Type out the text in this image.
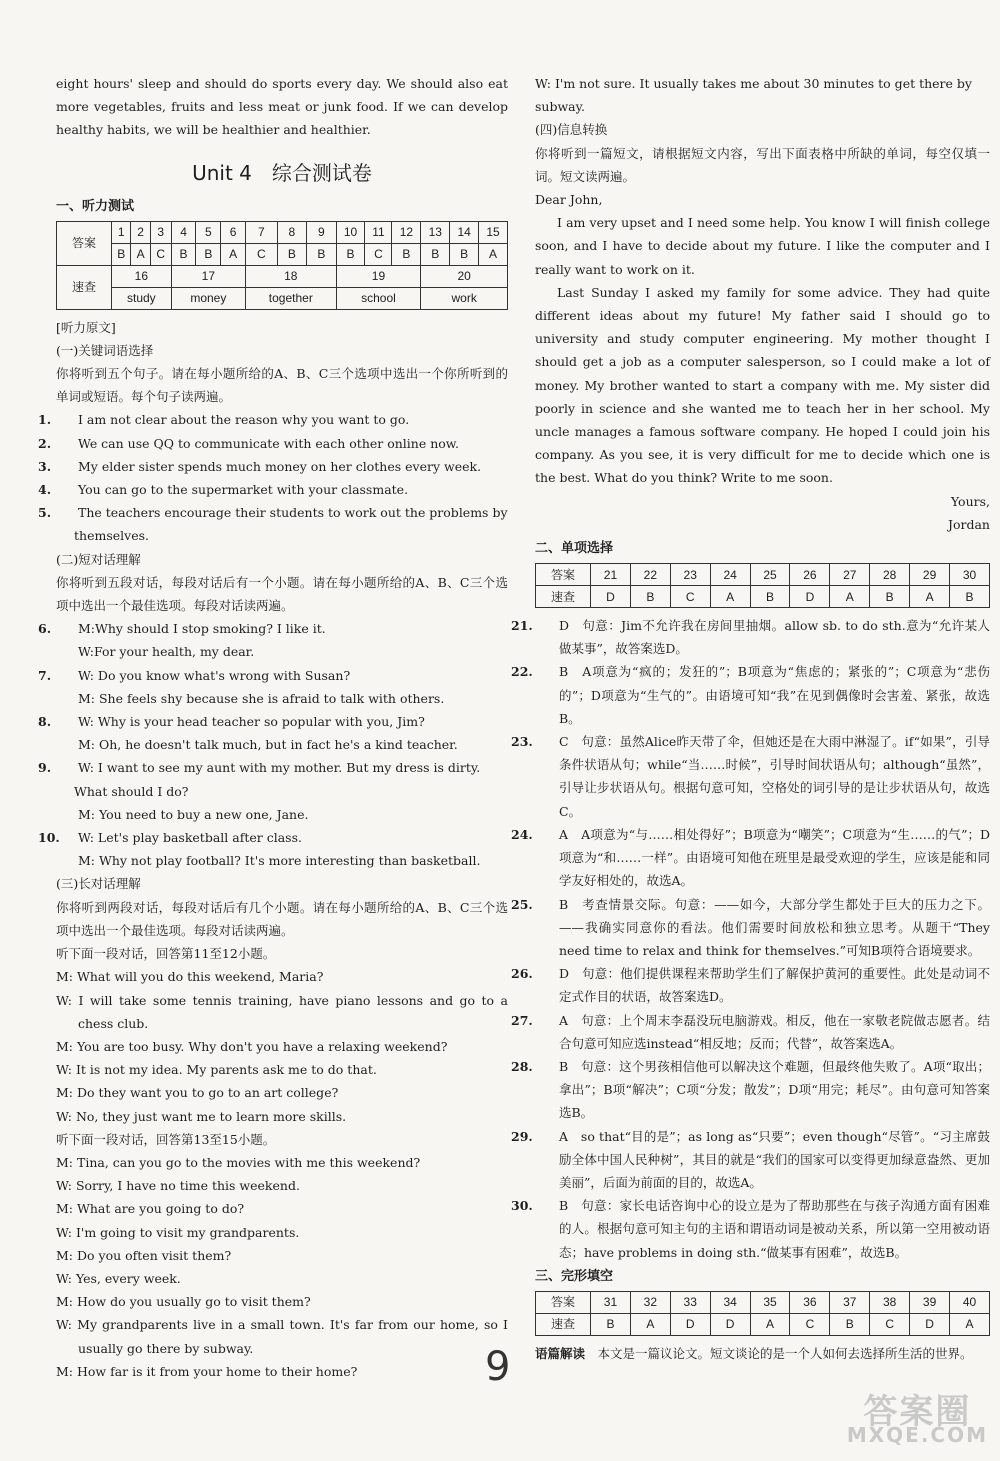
eight hours' sleep and should do sports every day. We should also eat more vegetables, fruits and less meat or junk food. If we can develop healthy habits, we will be healthier and healthier.

Unit 4　综合测试卷
一、听力测试
答案	1	2	3	4	5	6	7	8	9	10	11	12	13	14	15
	B	A	C	B	B	A	C	B	B	B	C	B	B	B	A
速查	16			17			18			19			20		
	study			money			together			school			work		

[听力原文]

(一)关键词语选择

你将听到五个句子。请在每小题所给的A、B、C三个选项中选出一个你所听到的单词或短语。每个句子读两遍。

1. I am not clear about the reason why you want to go.

2. We can use QQ to communicate with each other online now.

3. My elder sister spends much money on her clothes every week.

4. You can go to the supermarket with your classmate.

5. The teachers encourage their students to work out the problems by themselves.

(二)短对话理解

你将听到五段对话，每段对话后有一个小题。请在每小题所给的A、B、C三个选项中选出一个最佳选项。每段对话读两遍。

6. M:Why should I stop smoking? I like it.

W:For your health, my dear.

7. W: Do you know what's wrong with Susan?

M: She feels shy because she is afraid to talk with others.

8. W: Why is your head teacher so popular with you, Jim?

M: Oh, he doesn't talk much, but in fact he's a kind teacher.

9. W: I want to see my aunt with my mother. But my dress is dirty. What should I do?

M: You need to buy a new one, Jane.

10. W: Let's play basketball after class.

M: Why not play football? It's more interesting than basketball.

(三)长对话理解

你将听到两段对话，每段对话后有几个小题。请在每小题所给的A、B、C三个选项中选出一个最佳选项。每段对话读两遍。

听下面一段对话，回答第11至12小题。

M: What will you do this weekend, Maria?

W: I will take some tennis training, have piano lessons and go to a chess club.

M: You are too busy. Why don't you have a relaxing weekend?

W: It is not my idea. My parents ask me to do that.

M: Do they want you to go to an art college?

W: No, they just want me to learn more skills.

听下面一段对话，回答第13至15小题。

M: Tina, can you go to the movies with me this weekend?

W: Sorry, I have no time this weekend.

M: What are you going to do?

W: I'm going to visit my grandparents.

M: Do you often visit them?

W: Yes, every week.

M: How do you usually go to visit them?

W: My grandparents live in a small town. It's far from our home, so I usually go there by subway.

M: How far is it from your home to their home?

W: I'm not sure. It usually takes me about 30 minutes to get there by subway.

(四)信息转换

你将听到一篇短文，请根据短文内容，写出下面表格中所缺的单词，每空仅填一词。短文读两遍。

Dear John,

I am very upset and I need some help. You know I will finish college soon, and I have to decide about my future. I like the computer and I really want to work on it.

Last Sunday I asked my family for some advice. They had quite different ideas about my future! My father said I should go to university and study computer engineering. My mother thought I should get a job as a computer salesperson, so I could make a lot of money. My brother wanted to start a company with me. My sister did poorly in science and she wanted me to teach her in her school. My uncle manages a famous software company. He hoped I could join his company. As you see, it is very difficult for me to decide which one is the best. What do you think? Write to me soon.

Yours,

Jordan

二、单项选择
答案	21	22	23	24	25	26	27	28	29	30
速查	D	B	C	A	B	D	A	B	A	B

21. D　句意：Jim不允许我在房间里抽烟。allow sb. to do sth.意为“允许某人做某事”，故答案选D。

22. B　A项意为“疯的；发狂的”；B项意为“焦虑的；紧张的”；C项意为“悲伤的”；D项意为“生气的”。由语境可知“我”在见到偶像时会害羞、紧张，故选B。

23. C　句意：虽然Alice昨天带了伞，但她还是在大雨中淋湿了。if“如果”，引导条件状语从句；while“当……时候”，引导时间状语从句；although“虽然”，引导让步状语从句。根据句意可知，空格处的词引导的是让步状语从句，故选C。

24. A　A项意为“与……相处得好”；B项意为“嘲笑”；C项意为“生……的气”；D项意为“和……一样”。由语境可知他在班里是最受欢迎的学生，应该是能和同学友好相处的，故选A。

25. B　考查情景交际。句意：——如今，大部分学生都处于巨大的压力之下。——我确实同意你的看法。他们需要时间放松和独立思考。从题干“They need time to relax and think for themselves.”可知B项符合语境要求。

26. D　句意：他们提供课程来帮助学生们了解保护黄河的重要性。此处是动词不定式作目的状语，故答案选D。

27. A　句意：上个周末李磊没玩电脑游戏。相反，他在一家敬老院做志愿者。结合句意可知应选instead“相反地；反而；代替”，故答案选A。

28. B　句意：这个男孩相信他可以解决这个难题，但最终他失败了。A项“取出；拿出”；B项“解决”；C项“分发；散发”；D项“用完；耗尽”。由句意可知答案选B。

29. A　so that“目的是”；as long as“只要”；even though“尽管”。“习主席鼓励全体中国人民种树”，其目的就是“我们的国家可以变得更加绿意盎然、更加美丽”，后面为前面的目的，故选A。

30. B　句意：家长电话咨询中心的设立是为了帮助那些在与孩子沟通方面有困难的人。根据句意可知主句的主语和谓语动词是被动关系，所以第一空用被动语态；have problems in doing sth.“做某事有困难”，故选B。

三、完形填空
答案	31	32	33	34	35	36	37	38	39	40
速查	B	A	D	D	A	C	B	C	D	A

语篇解读　本文是一篇议论文。短文谈论的是一个人如何去选择所生活的世界。

9
答案圈
MXQE.COM
